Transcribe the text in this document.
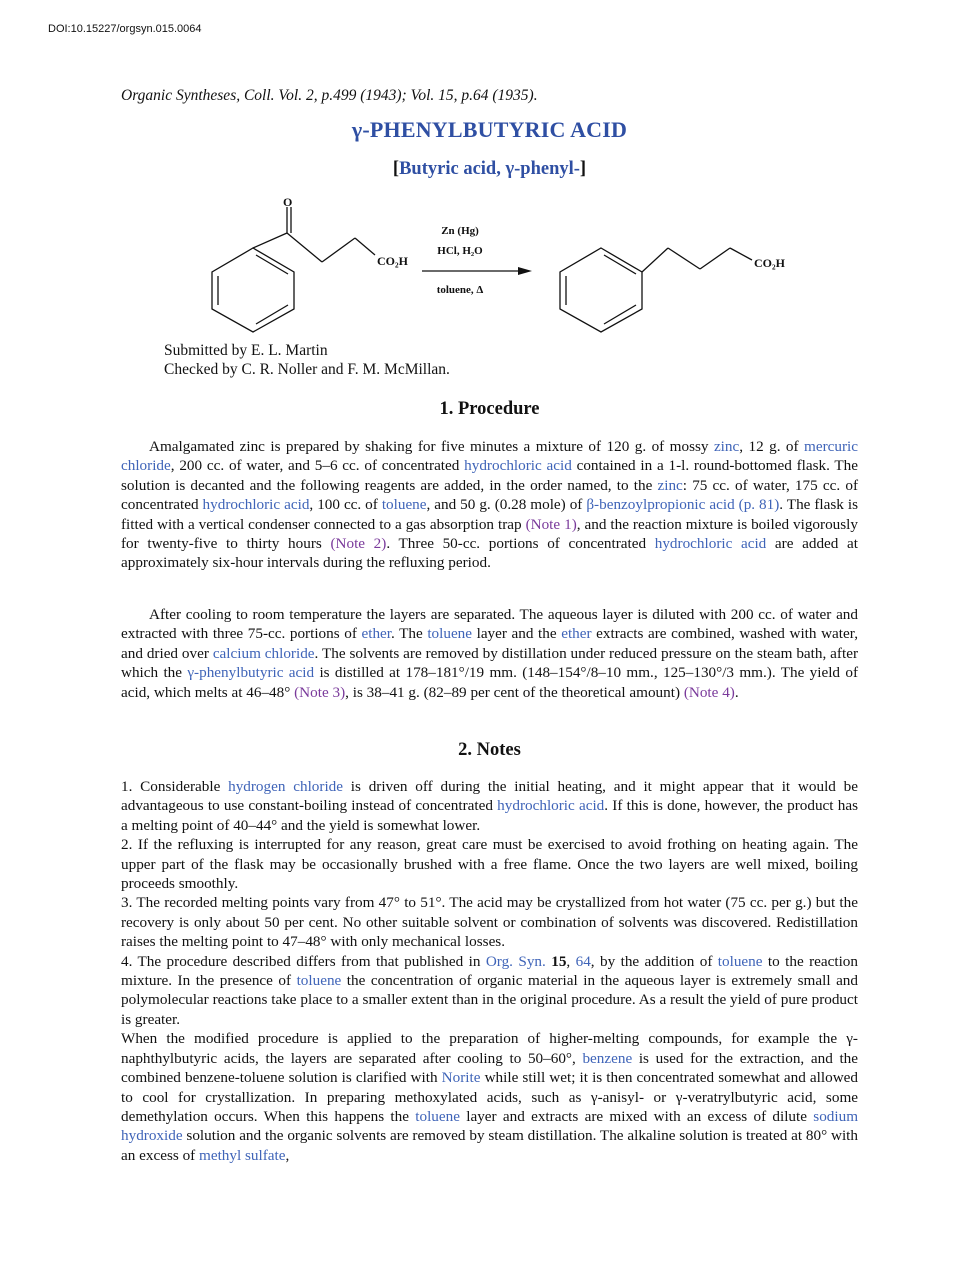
DOI:10.15227/orgsyn.015.0064
Organic Syntheses, Coll. Vol. 2, p.499 (1943); Vol. 15, p.64 (1935).
γ-PHENYLBUTYRIC ACID
[Butyric acid, γ-phenyl-]
O
CO₂H
Zn (Hg)
HCl, H₂O
toluene, Δ
CO₂H
Submitted by E. L. Martin
Checked by C. R. Noller and F. M. McMillan.
1. Procedure

Amalgamated zinc is prepared by shaking for five minutes a mixture of 120 g. of mossy zinc, 12 g. of mercuric chloride, 200 cc. of water, and 5–6 cc. of concentrated hydrochloric acid contained in a 1-l. round-bottomed flask. The solution is decanted and the following reagents are added, in the order named, to the zinc: 75 cc. of water, 175 cc. of concentrated hydrochloric acid, 100 cc. of toluene, and 50 g. (0.28 mole) of β-benzoylpropionic acid (p. 81). The flask is fitted with a vertical condenser connected to a gas absorption trap (Note 1), and the reaction mixture is boiled vigorously for twenty-five to thirty hours (Note 2). Three 50-cc. portions of concentrated hydrochloric acid are added at approximately six-hour intervals during the refluxing period.

After cooling to room temperature the layers are separated. The aqueous layer is diluted with 200 cc. of water and extracted with three 75-cc. portions of ether. The toluene layer and the ether extracts are combined, washed with water, and dried over calcium chloride. The solvents are removed by distillation under reduced pressure on the steam bath, after which the γ-phenylbutyric acid is distilled at 178–181°/19 mm. (148–154°/8–10 mm., 125–130°/3 mm.). The yield of acid, which melts at 46–48° (Note 3), is 38–41 g. (82–89 per cent of the theoretical amount) (Note 4).

2. Notes

1. Considerable hydrogen chloride is driven off during the initial heating, and it might appear that it would be advantageous to use constant-boiling instead of concentrated hydrochloric acid. If this is done, however, the product has a melting point of 40–44° and the yield is somewhat lower.

2. If the refluxing is interrupted for any reason, great care must be exercised to avoid frothing on heating again. The upper part of the flask may be occasionally brushed with a free flame. Once the two layers are well mixed, boiling proceeds smoothly.

3. The recorded melting points vary from 47° to 51°. The acid may be crystallized from hot water (75 cc. per g.) but the recovery is only about 50 per cent. No other suitable solvent or combination of solvents was discovered. Redistillation raises the melting point to 47–48° with only mechanical losses.

4. The procedure described differs from that published in Org. Syn. 15, 64, by the addition of toluene to the reaction mixture. In the presence of toluene the concentration of organic material in the aqueous layer is extremely small and polymolecular reactions take place to a smaller extent than in the original procedure. As a result the yield of pure product is greater.

When the modified procedure is applied to the preparation of higher-melting compounds, for example the γ-naphthylbutyric acids, the layers are separated after cooling to 50–60°, benzene is used for the extraction, and the combined benzene-toluene solution is clarified with Norite while still wet; it is then concentrated somewhat and allowed to cool for crystallization. In preparing methoxylated acids, such as γ-anisyl- or γ-veratrylbutyric acid, some demethylation occurs. When this happens the toluene layer and extracts are mixed with an excess of dilute sodium hydroxide solution and the organic solvents are removed by steam distillation. The alkaline solution is treated at 80° with an excess of methyl sulfate,
